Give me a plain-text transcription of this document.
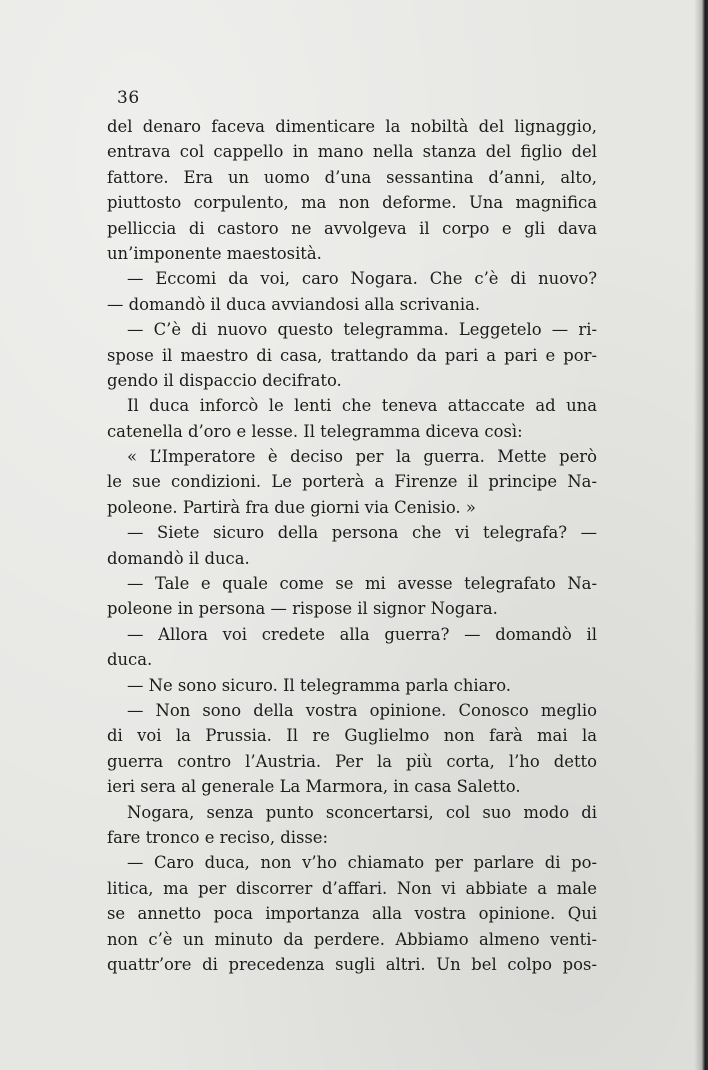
36
del denaro faceva dimenticare la nobiltà del lignaggio,
entrava col cappello in mano nella stanza del figlio del
fattore. Era un uomo d’una sessantina d’anni, alto,
piuttosto corpulento, ma non deforme. Una magnifica
pelliccia di castoro ne avvolgeva il corpo e gli dava
un’imponente maestosità.
— Eccomi da voi, caro Nogara. Che c’è di nuovo?
— domandò il duca avviandosi alla scrivania.
— C’è di nuovo questo telegramma. Leggetelo — ri-
spose il maestro di casa, trattando da pari a pari e por-
gendo il dispaccio decifrato.
Il duca inforcò le lenti che teneva attaccate ad una
catenella d’oro e lesse. Il telegramma diceva così:
« L’Imperatore è deciso per la guerra. Mette però
le sue condizioni. Le porterà a Firenze il principe Na-
poleone. Partirà fra due giorni via Cenisio. »
— Siete sicuro della persona che vi telegrafa? —
domandò il duca.
— Tale e quale come se mi avesse telegrafato Na-
poleone in persona — rispose il signor Nogara.
— Allora voi credete alla guerra? — domandò il
duca.
— Ne sono sicuro. Il telegramma parla chiaro.
— Non sono della vostra opinione. Conosco meglio
di voi la Prussia. Il re Guglielmo non farà mai la
guerra contro l’Austria. Per la più corta, l’ho detto
ieri sera al generale La Marmora, in casa Saletto.
Nogara, senza punto sconcertarsi, col suo modo di
fare tronco e reciso, disse:
— Caro duca, non v’ho chiamato per parlare di po-
litica, ma per discorrer d’affari. Non vi abbiate a male
se annetto poca importanza alla vostra opinione. Qui
non c’è un minuto da perdere. Abbiamo almeno venti-
quattr’ore di precedenza sugli altri. Un bel colpo pos-
